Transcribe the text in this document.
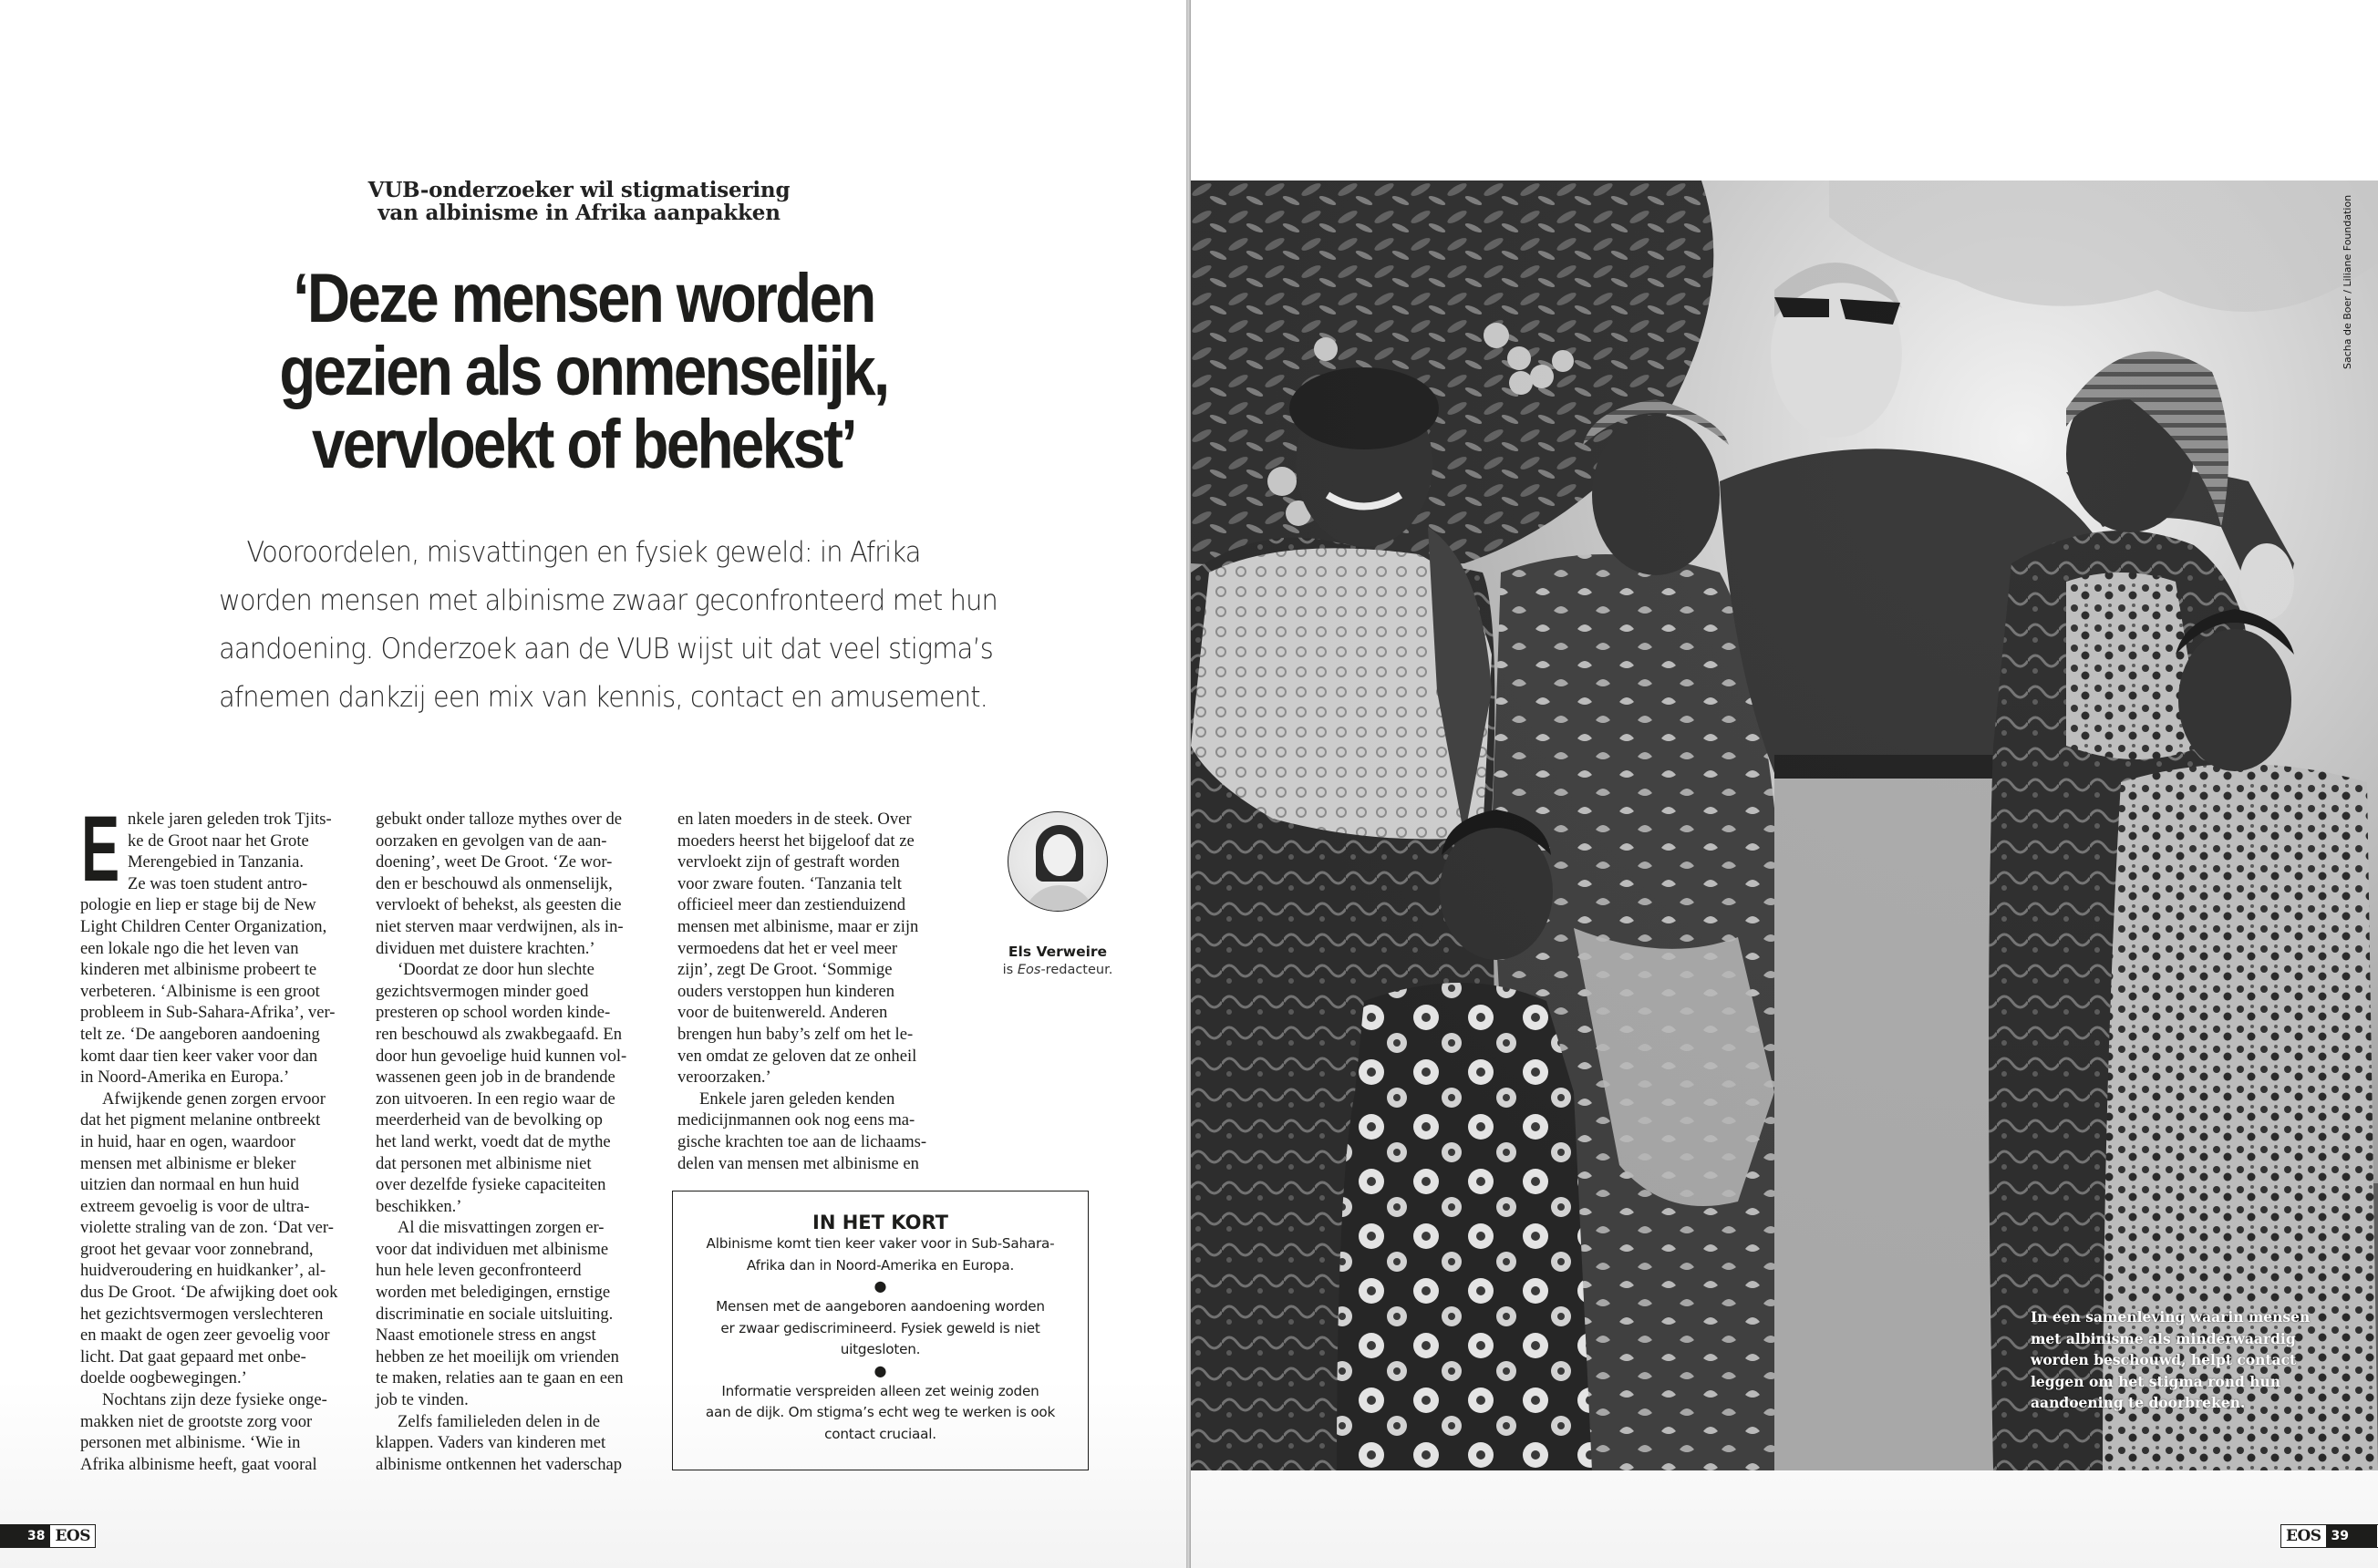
VUB-onderzoeker wil stigmatisering
van albinisme in Afrika aanpakken
‘Deze mensen worden
gezien als onmenselijk,
vervloekt of behekst’
Vooroordelen, misvattingen en fysiek geweld: in Afrika
worden mensen met albinisme zwaar geconfronteerd met hun
aandoening. Onderzoek aan de VUB wijst uit dat veel stigma’s
afnemen dankzij een mix van kennis, contact en amusement.
E nkele jaren geleden trok Tjits-
ke de Groot naar het Grote
Merengebied in Tanzania.
Ze was toen student antro-
pologie en liep er stage bij de New
Light Children Center Organization,
een lokale ngo die het leven van
kinderen met albinisme probeert te
verbeteren. ‘Albinisme is een groot
probleem in Sub-Sahara-Afrika’, ver-
telt ze. ‘De aangeboren aandoening
komt daar tien keer vaker voor dan
in Noord-Amerika en Europa.’
Afwijkende genen zorgen ervoor
dat het pigment melanine ontbreekt
in huid, haar en ogen, waardoor
mensen met albinisme er bleker
uitzien dan normaal en hun huid
extreem gevoelig is voor de ultra-
violette straling van de zon. ‘Dat ver-
groot het gevaar voor zonnebrand,
huidveroudering en huidkanker’, al-
dus De Groot. ‘De afwijking doet ook
het gezichtsvermogen verslechteren
en maakt de ogen zeer gevoelig voor
licht. Dat gaat gepaard met onbe-
doelde oogbewegingen.’
Nochtans zijn deze fysieke onge-
makken niet de grootste zorg voor
personen met albinisme. ‘Wie in
Afrika albinisme heeft, gaat vooral
gebukt onder talloze mythes over de
oorzaken en gevolgen van de aan-
doening’, weet De Groot. ‘Ze wor-
den er beschouwd als onmenselijk,
vervloekt of behekst, als geesten die
niet sterven maar verdwijnen, als in-
dividuen met duistere krachten.’
‘Doordat ze door hun slechte
gezichtsvermogen minder goed
presteren op school worden kinde-
ren beschouwd als zwakbegaafd. En
door hun gevoelige huid kunnen vol-
wassenen geen job in de brandende
zon uitvoeren. In een regio waar de
meerderheid van de bevolking op
het land werkt, voedt dat de mythe
dat personen met albinisme niet
over dezelfde fysieke capaciteiten
beschikken.’
Al die misvattingen zorgen er-
voor dat individuen met albinisme
hun hele leven geconfronteerd
worden met beledigingen, ernstige
discriminatie en sociale uitsluiting.
Naast emotionele stress en angst
hebben ze het moeilijk om vrienden
te maken, relaties aan te gaan en een
job te vinden.
Zelfs familieleden delen in de
klappen. Vaders van kinderen met
albinisme ontkennen het vaderschap
en laten moeders in de steek. Over
moeders heerst het bijgeloof dat ze
vervloekt zijn of gestraft worden
voor zware fouten. ‘Tanzania telt
officieel meer dan zestienduizend
mensen met albinisme, maar er zijn
vermoedens dat het er veel meer
zijn’, zegt De Groot. ‘Sommige
ouders verstoppen hun kinderen
voor de buitenwereld. Anderen
brengen hun baby’s zelf om het le-
ven omdat ze geloven dat ze onheil
veroorzaken.’
Enkele jaren geleden kenden
medicijnmannen ook nog eens ma-
gische krachten toe aan de lichaams-
delen van mensen met albinisme en
Els Verweire
is Eos-redacteur.
IN HET KORT
Albinisme komt tien keer vaker voor in Sub-Sahara-
Afrika dan in Noord-Amerika en Europa.
●
Mensen met de aangeboren aandoening worden
er zwaar gediscrimineerd. Fysiek geweld is niet
uitgesloten.
●
Informatie verspreiden alleen zet weinig zoden
aan de dijk. Om stigma’s echt weg te werken is ook
contact cruciaal.
38 EOS
Sacha de Boer / Liliane Foundation
In een samenleving waarin mensen
met albinisme als minderwaardig
worden beschouwd, helpt contact
leggen om het stigma rond hun
aandoening te doorbreken.
EOS 39
